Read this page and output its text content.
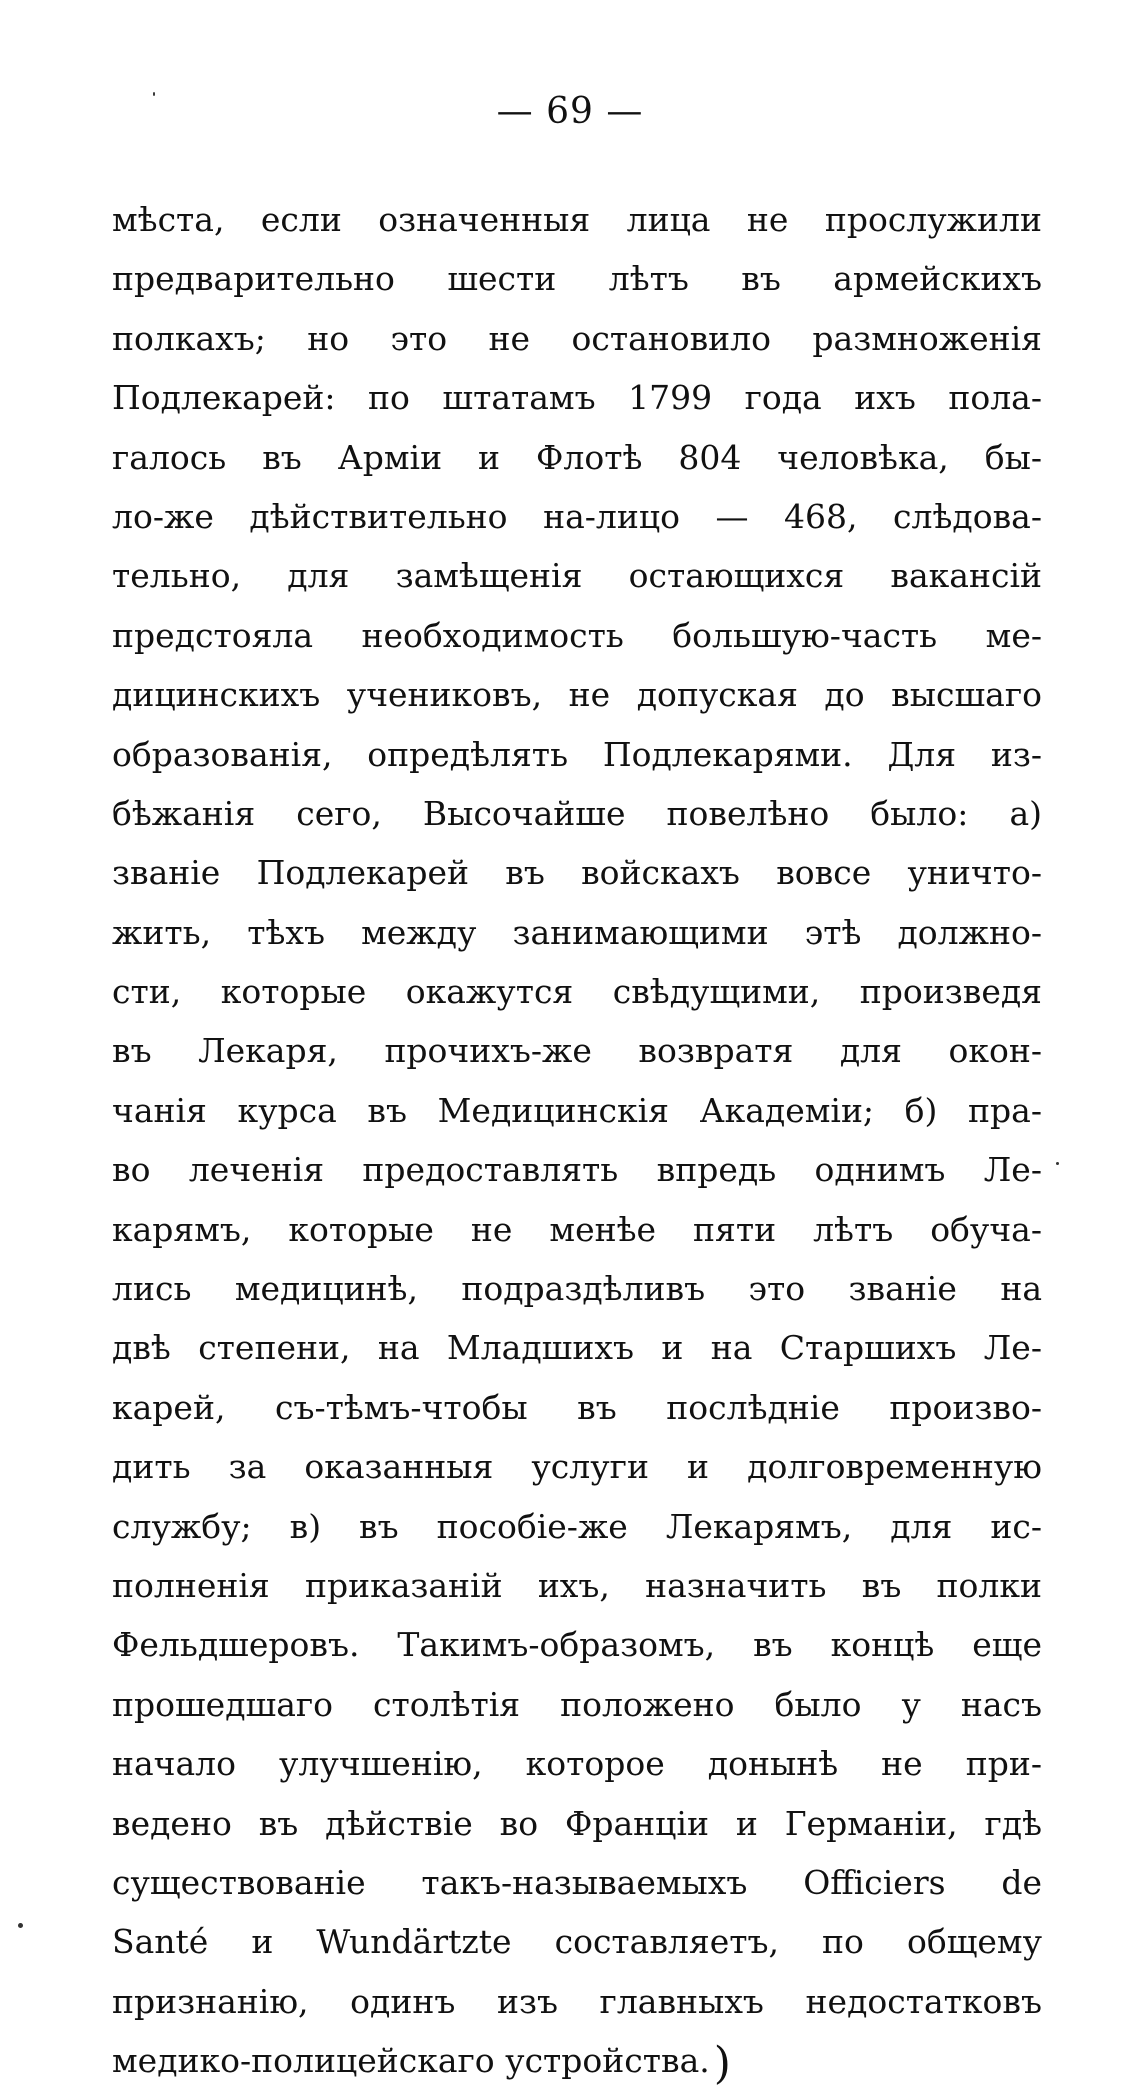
— 69 —
мѣста, если означенныя лица не прослужили
предварительно шести лѣтъ въ армейскихъ
полкахъ; но это не остановило размноженія
Подлекарей: по штатамъ 1799 года ихъ пола-
галось въ Арміи и Флотѣ 804 человѣка, бы-
ло-же дѣйствительно на-лицо — 468, слѣдова-
тельно, для замѣщенія остающихся вакансій
предстояла необходимость большую-часть ме-
дицинскихъ учениковъ, не допуская до высшаго
образованія, опредѣлять Подлекарями. Для из-
бѣжанія сего, Высочайше повелѣно было: а)
званіе Подлекарей въ войскахъ вовсе уничто-
жить, тѣхъ между занимающими этѣ должно-
сти, которые окажутся свѣдущими, произведя
въ Лекаря, прочихъ-же возвратя для окон-
чанія курса въ Медицинскія Академіи; б) пра-
во леченія предоставлять впредь однимъ Ле-
карямъ, которые не менѣе пяти лѣтъ обуча-
лись медицинѣ, подраздѣливъ это званіе на
двѣ степени, на Младшихъ и на Старшихъ Ле-
карей, съ-тѣмъ-чтобы въ послѣдніе произво-
дить за оказанныя услуги и долговременную
службу; в) въ пособіе-же Лекарямъ, для ис-
полненія приказаній ихъ, назначить въ полки
Фельдшеровъ. Такимъ-образомъ, въ концѣ еще
прошедшаго столѣтія положено было у насъ
начало улучшенію, которое донынѣ не при-
ведено въ дѣйствіе во Франціи и Германіи, гдѣ
существованіе такъ-называемыхъ Officiers de
Santé и Wundärtzte составляетъ, по общему
признанію, одинъ изъ главныхъ недостатковъ
медико-полицейскаго устройства.)
